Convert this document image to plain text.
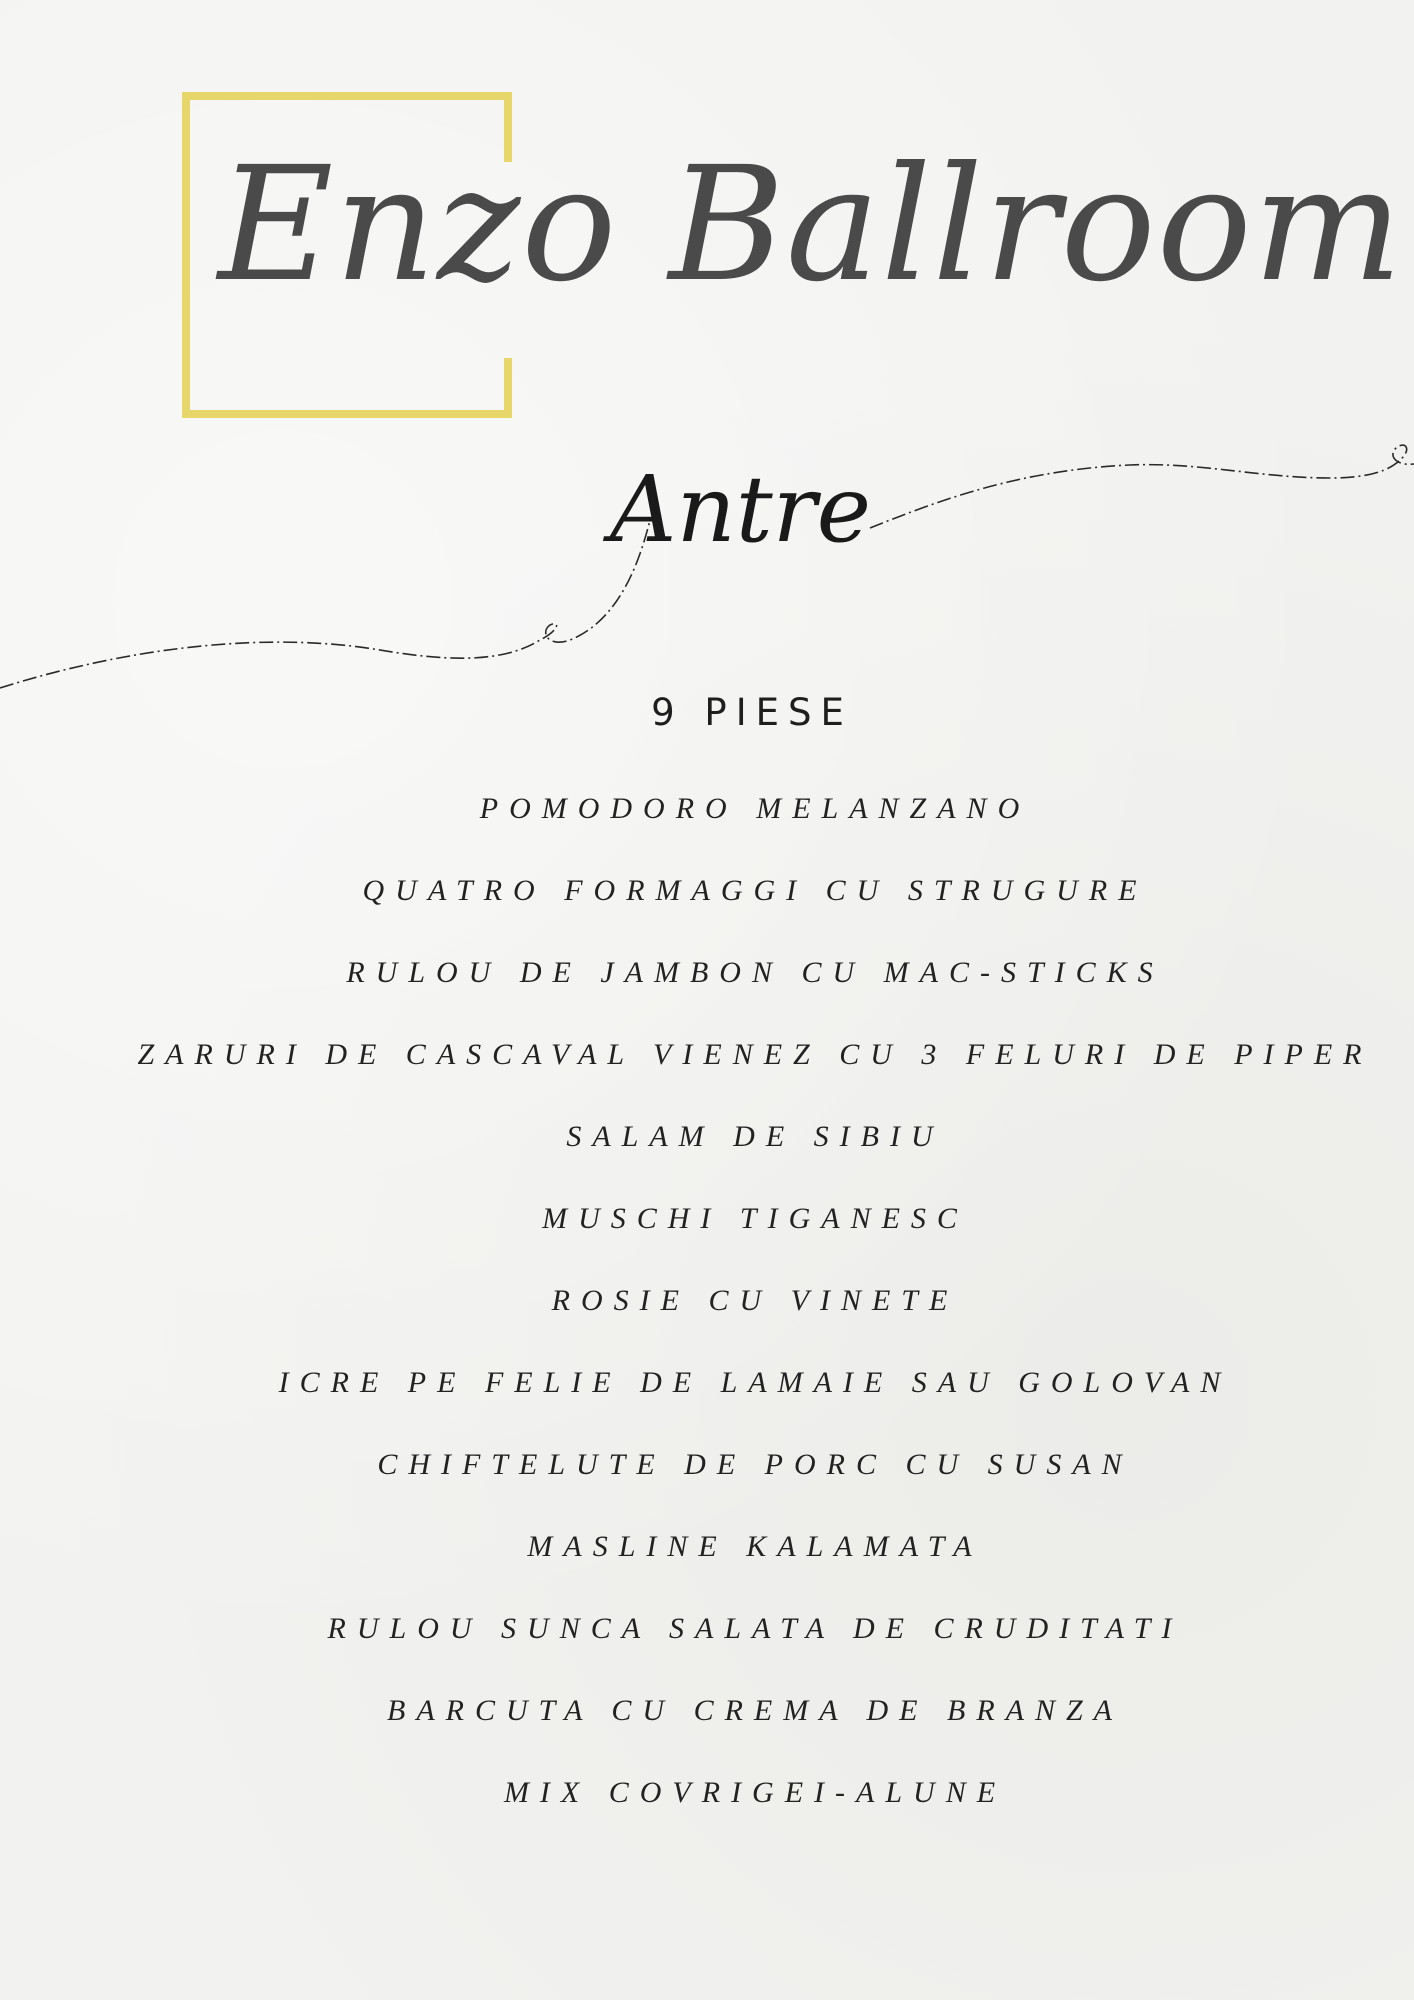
Enzo Ballroom
Antre
9 PIESE
POMODORO MELANZANO
QUATRO FORMAGGI CU STRUGURE
RULOU DE JAMBON CU MAC-STICKS
ZARURI DE CASCAVAL VIENEZ CU 3 FELURI DE PIPER
SALAM DE SIBIU
MUSCHI TIGANESC
ROSIE CU VINETE
ICRE PE FELIE DE LAMAIE SAU GOLOVAN
CHIFTELUTE DE PORC CU SUSAN
MASLINE KALAMATA
RULOU SUNCA SALATA DE CRUDITATI
BARCUTA CU CREMA DE BRANZA
MIX COVRIGEI-ALUNE
